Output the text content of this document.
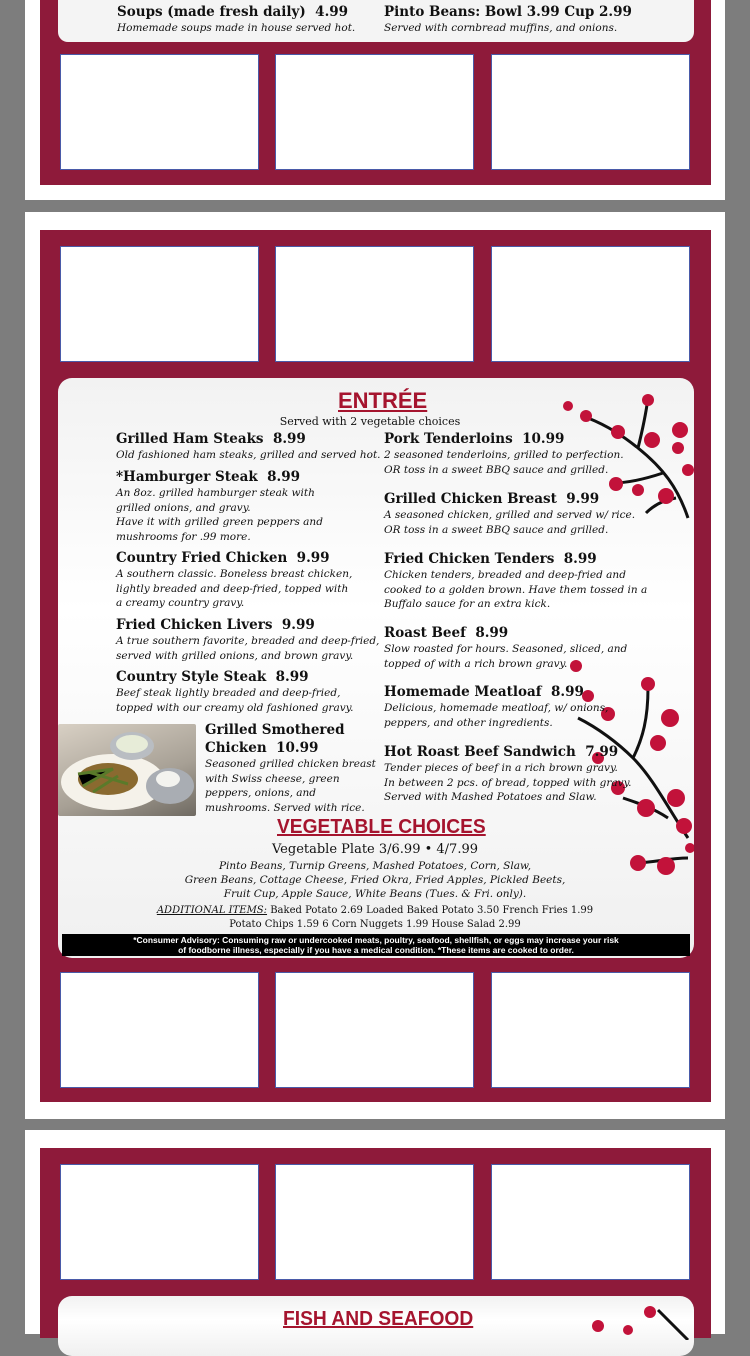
Soups (made fresh daily) 4.99
Homemade soups made in house served hot.
Pinto Beans: Bowl 3.99 Cup 2.99
Served with cornbread muffins, and onions.
ENTRÉE
Served with 2 vegetable choices
Grilled Ham Steaks 8.99
Old fashioned ham steaks, grilled and served hot.
*Hamburger Steak 8.99
An 8oz. grilled hamburger steak with
grilled onions, and gravy.
Have it with grilled green peppers and
mushrooms for .99 more.
Country Fried Chicken 9.99
A southern classic. Boneless breast chicken,
lightly breaded and deep-fried, topped with
a creamy country gravy.
Fried Chicken Livers 9.99
A true southern favorite, breaded and deep-fried,
served with grilled onions, and brown gravy.
Country Style Steak 8.99
Beef steak lightly breaded and deep-fried,
topped with our creamy old fashioned gravy.
Pork Tenderloins 10.99
2 seasoned tenderloins, grilled to perfection.
OR toss in a sweet BBQ sauce and grilled.
Grilled Chicken Breast 9.99
A seasoned chicken, grilled and served w/ rice.
OR toss in a sweet BBQ sauce and grilled.
Fried Chicken Tenders 8.99
Chicken tenders, breaded and deep-fried and
cooked to a golden brown. Have them tossed in a
Buffalo sauce for an extra kick.
Roast Beef 8.99
Slow roasted for hours. Seasoned, sliced, and
topped of with a rich brown gravy.
Homemade Meatloaf 8.99
Delicious, homemade meatloaf, w/ onions,
peppers, and other ingredients.
Hot Roast Beef Sandwich 7.99
Tender pieces of beef in a rich brown gravy.
In between 2 pcs. of bread, topped with gravy.
Served with Mashed Potatoes and Slaw.
Grilled Smothered
Chicken 10.99
Seasoned grilled chicken breast
with Swiss cheese, green
peppers, onions, and
mushrooms. Served with rice.
VEGETABLE CHOICES
Vegetable Plate 3/6.99 • 4/7.99
Pinto Beans, Turnip Greens, Mashed Potatoes, Corn, Slaw,
Green Beans, Cottage Cheese, Fried Okra, Fried Apples, Pickled Beets,
Fruit Cup, Apple Sauce, White Beans (Tues. & Fri. only).
ADDITIONAL ITEMS: Baked Potato 2.69 Loaded Baked Potato 3.50 French Fries 1.99
Potato Chips 1.59 6 Corn Nuggets 1.99 House Salad 2.99
*Consumer Advisory: Consuming raw or undercooked meats, poultry, seafood, shellfish, or eggs may increase your risk
of foodborne illness, especially if you have a medical condition. *These items are cooked to order.
FISH AND SEAFOOD
